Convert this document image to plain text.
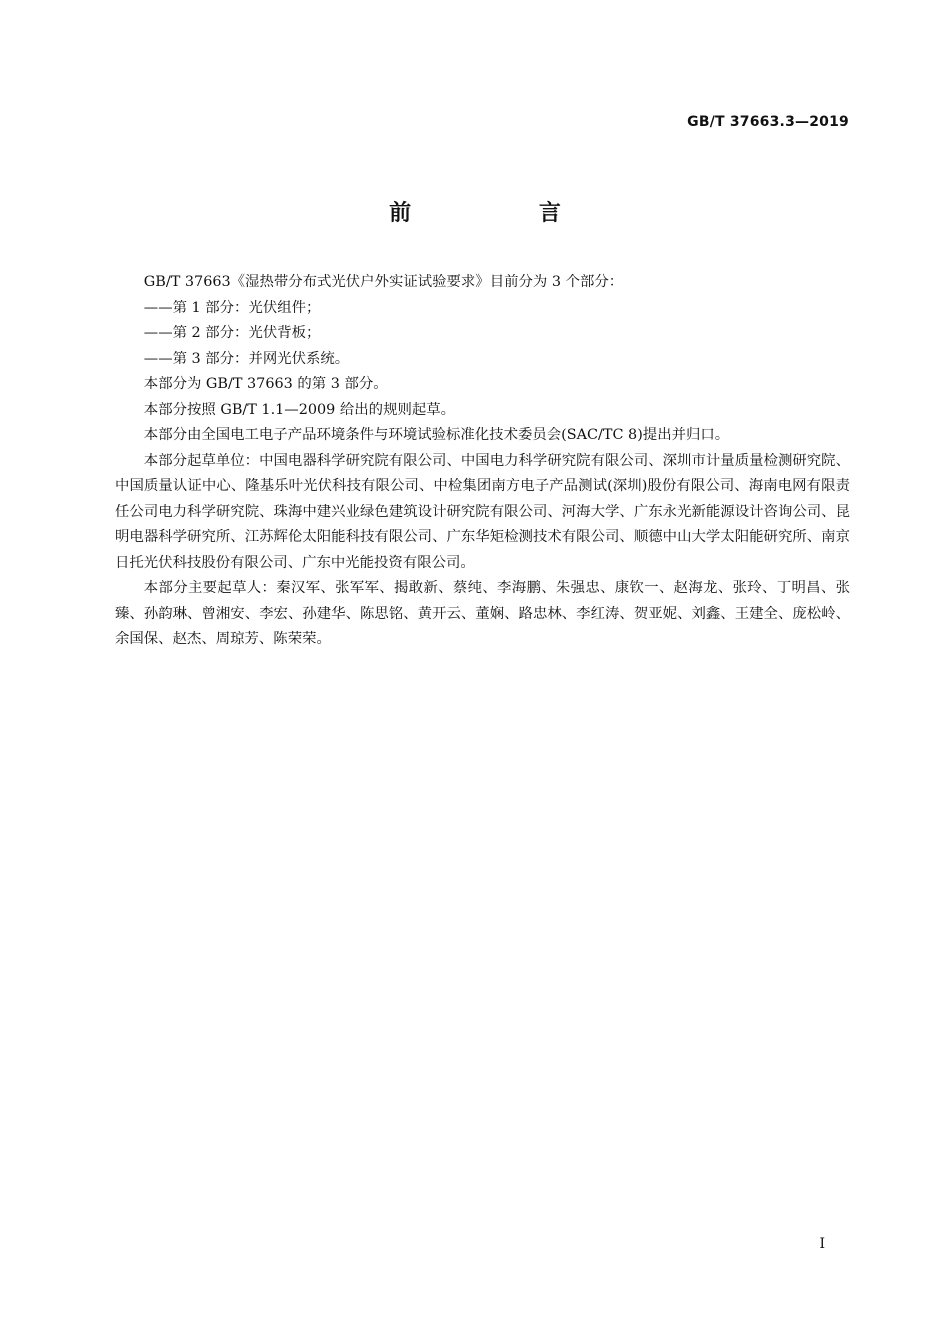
GB/T 37663.3—2019
前 言

GB/T 37663《湿热带分布式光伏户外实证试验要求》目前分为 3 个部分：

——第 1 部分：光伏组件；

——第 2 部分：光伏背板；

——第 3 部分：并网光伏系统。

本部分为 GB/T 37663 的第 3 部分。

本部分按照 GB/T 1.1—2009 给出的规则起草。

本部分由全国电工电子产品环境条件与环境试验标准化技术委员会(SAC/TC 8)提出并归口。

本部分起草单位：中国电器科学研究院有限公司、中国电力科学研究院有限公司、深圳市计量质量检测研究院、中国质量认证中心、隆基乐叶光伏科技有限公司、中检集团南方电子产品测试(深圳)股份有限公司、海南电网有限责任公司电力科学研究院、珠海中建兴业绿色建筑设计研究院有限公司、河海大学、广东永光新能源设计咨询公司、昆明电器科学研究所、江苏辉伦太阳能科技有限公司、广东华矩检测技术有限公司、顺德中山大学太阳能研究所、南京日托光伏科技股份有限公司、广东中光能投资有限公司。

本部分主要起草人：秦汉军、张军军、揭敢新、蔡纯、李海鹏、朱强忠、康钦一、赵海龙、张玲、丁明昌、张臻、孙韵琳、曾湘安、李宏、孙建华、陈思铭、黄开云、董娴、路忠林、李红涛、贺亚妮、刘鑫、王建全、庞松岭、余国保、赵杰、周琼芳、陈荣荣。

I
